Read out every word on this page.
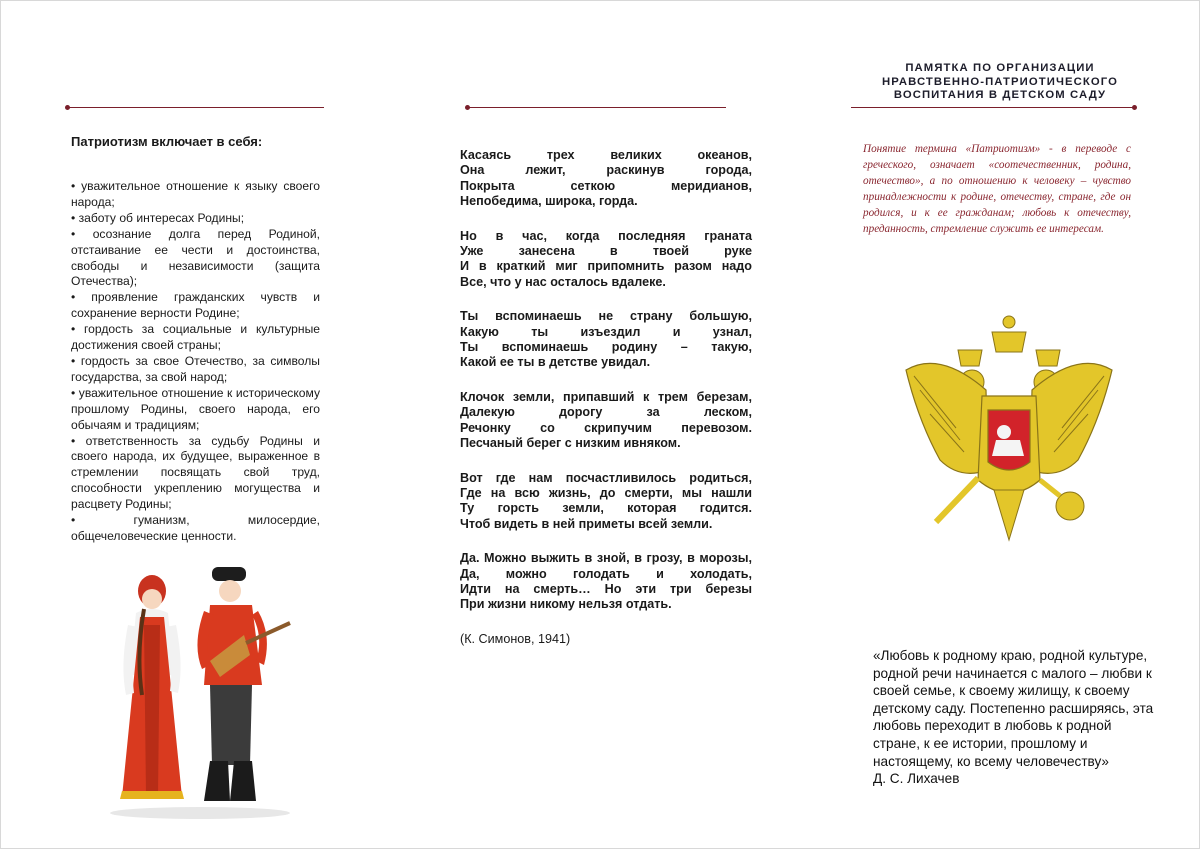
Патриотизм включает в себя:
• уважительное отношение к языку своего народа;
• заботу об интересах Родины;
• осознание долга перед Родиной, отстаивание ее чести и достоинства, свободы и независимости (защита Отечества);
• проявление гражданских чувств и сохранение верности Родине;
• гордость за социальные и культурные достижения своей страны;
• гордость за свое Отечество, за символы государства, за свой народ;
• уважительное отношение к историческому прошлому Родины, своего народа, его обычаям и традициям;
• ответственность за судьбу Родины и своего народа, их будущее, выраженное в стремлении посвящать свой труд, способности укреплению могущества и расцвету Родины;
• гуманизм, милосердие, общечеловеческие ценности.
Касаясь трех великих океанов,
Она лежит, раскинув города,
Покрыта сеткою меридианов,
Непобедима, широка, горда.
Но в час, когда последняя граната
Уже занесена в твоей руке
И в краткий миг припомнить разом надо
Все, что у нас осталось вдалеке.
Ты вспоминаешь не страну большую,
Какую ты изъездил и узнал,
Ты вспоминаешь родину – такую,
Какой ее ты в детстве увидал.
Клочок земли, припавший к трем березам,
Далекую дорогу за леском,
Речонку со скрипучим перевозом.
Песчаный берег с низким ивняком.
Вот где нам посчастливилось родиться,
Где на всю жизнь, до смерти, мы нашли
Ту горсть земли, которая годится.
Чтоб видеть в ней приметы всей земли.
Да. Можно выжить в зной, в грозу, в морозы,
Да, можно голодать и холодать,
Идти на смерть… Но эти три березы
При жизни никому нельзя отдать.
(К. Симонов, 1941)
ПАМЯТКА ПО ОРГАНИЗАЦИИ
НРАВСТВЕННО-ПАТРИОТИЧЕСКОГО
ВОСПИТАНИЯ В ДЕТСКОМ САДУ
Понятие термина «Патриотизм» - в переводе с греческого, означает «соотечественник, родина, отечество», а по отношению к человеку – чувство принадлежности к родине, отечеству, стране, где он родился, и к ее гражданам; любовь к отечеству, преданность, стремление служить ее интересам.
«Любовь к родному краю, родной культуре, родной речи начинается с малого – любви к своей семье, к своему жилищу, к своему детскому саду. Постепенно расширяясь, эта любовь переходит в любовь к родной стране, к ее истории, прошлому и настоящему, ко всему человечеству»
Д. С. Лихачев
